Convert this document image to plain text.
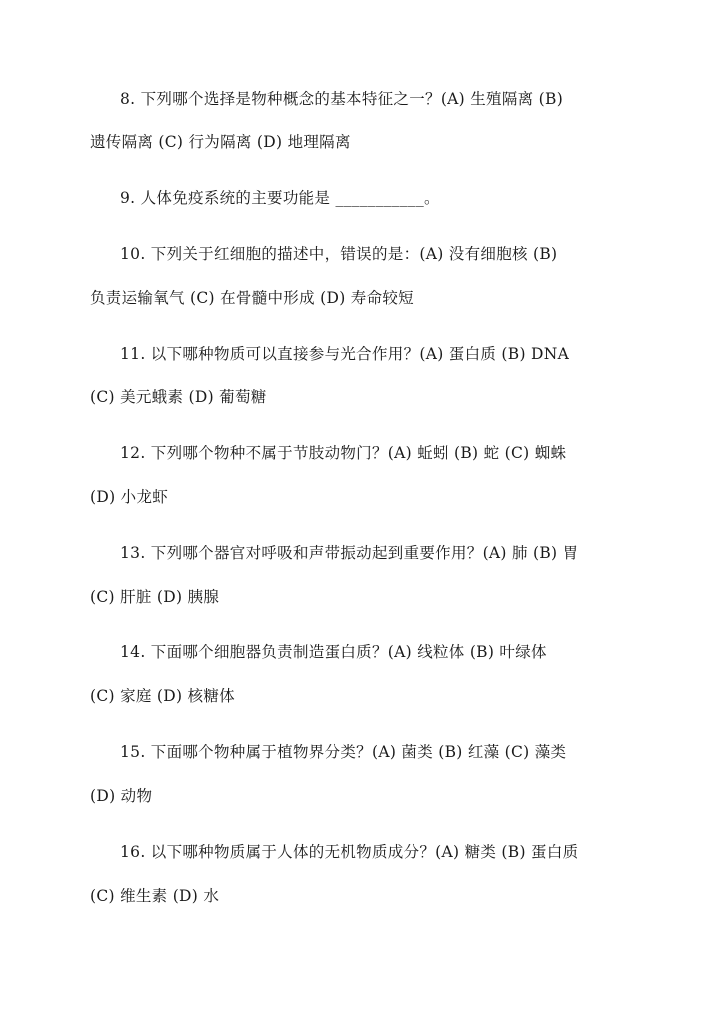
8. 下列哪个选择是物种概念的基本特征之一？(A) 生殖隔离 (B)
遗传隔离 (C) 行为隔离 (D) 地理隔离
9. 人体免疫系统的主要功能是 ___________。
10. 下列关于红细胞的描述中，错误的是：(A) 没有细胞核 (B)
负责运输氧气 (C) 在骨髓中形成 (D) 寿命较短
11. 以下哪种物质可以直接参与光合作用？(A) 蛋白质 (B) DNA
(C) 美元蛾素 (D) 葡萄糖
12. 下列哪个物种不属于节肢动物门？(A) 蚯蚓 (B) 蛇 (C) 蜘蛛
(D) 小龙虾
13. 下列哪个器官对呼吸和声带振动起到重要作用？(A) 肺 (B) 胃
(C) 肝脏 (D) 胰腺
14. 下面哪个细胞器负责制造蛋白质？(A) 线粒体 (B) 叶绿体
(C) 家庭 (D) 核糖体
15. 下面哪个物种属于植物界分类？(A) 菌类 (B) 红藻 (C) 藻类
(D) 动物
16. 以下哪种物质属于人体的无机物质成分？(A) 糖类 (B) 蛋白质
(C) 维生素 (D) 水
